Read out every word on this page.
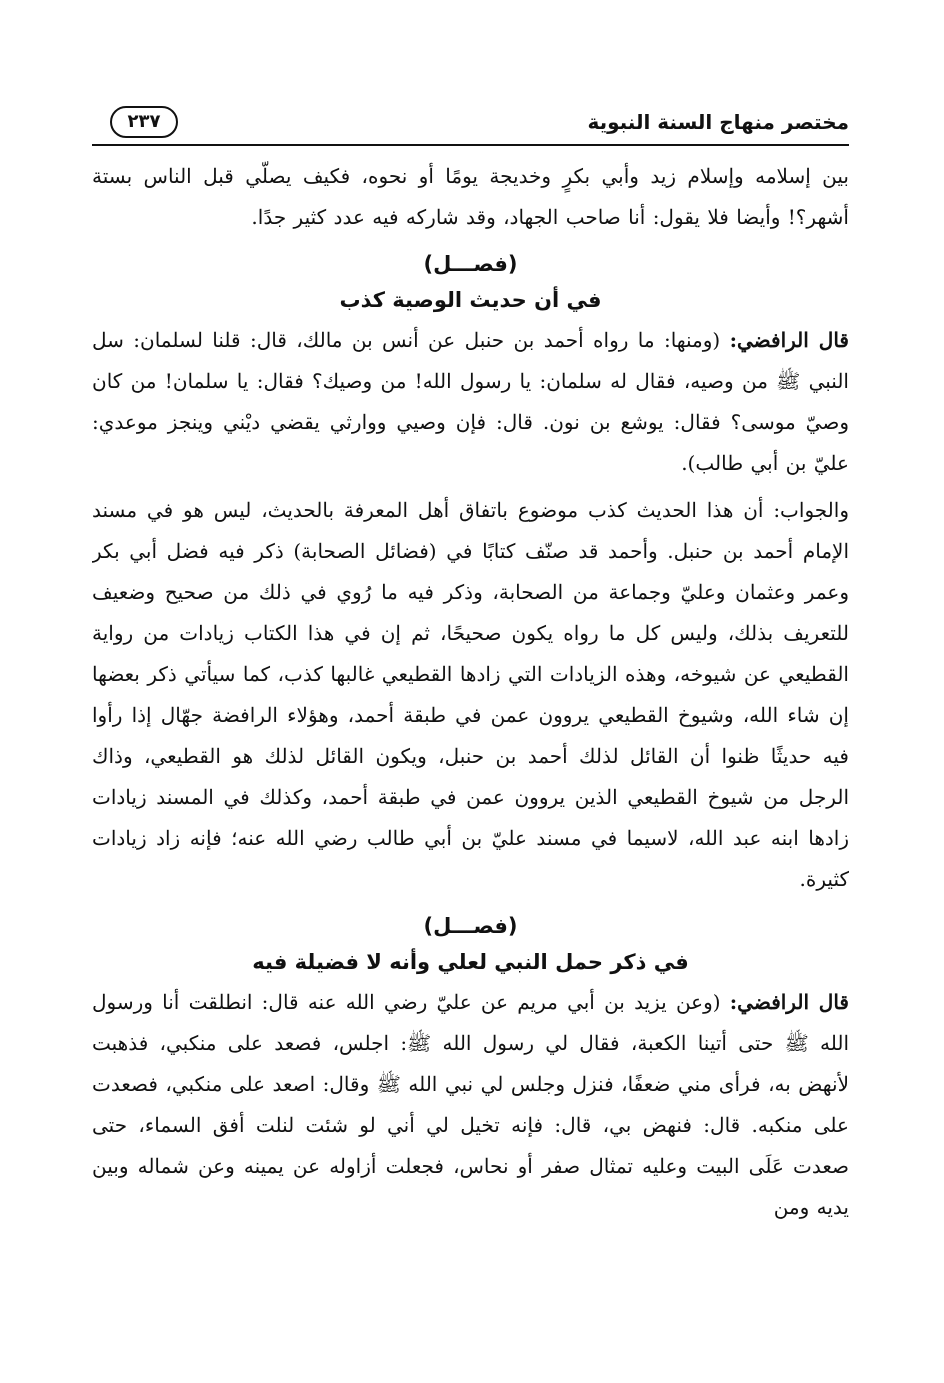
مختصر منهاج السنة النبوية
٢٣٧

بين إسلامه وإسلام زيد وأبي بكرٍ وخديجة يومًا أو نحوه، فكيف يصلّي قبل الناس بستة أشهر؟! وأيضا فلا يقول: أنا صاحب الجهاد، وقد شاركه فيه عدد كثير جدًا.

(فصـــل)
في أن حديث الوصية كذب

قال الرافضي: (ومنها: ما رواه أحمد بن حنبل عن أنس بن مالك، قال: قلنا لسلمان: سل النبي ﷺ من وصيه، فقال له سلمان: يا رسول الله! من وصيك؟ فقال: يا سلمان! من كان وصيّ موسى؟ فقال: يوشع بن نون. قال: فإن وصيي ووارثي يقضي ديْني وينجز موعدي: عليّ بن أبي طالب).

والجواب: أن هذا الحديث كذب موضوع باتفاق أهل المعرفة بالحديث، ليس هو في مسند الإمام أحمد بن حنبل. وأحمد قد صنّف كتابًا في (فضائل الصحابة) ذكر فيه فضل أبي بكر وعمر وعثمان وعليّ وجماعة من الصحابة، وذكر فيه ما رُوي في ذلك من صحيح وضعيف للتعريف بذلك، وليس كل ما رواه يكون صحيحًا، ثم إن في هذا الكتاب زيادات من رواية القطيعي عن شيوخه، وهذه الزيادات التي زادها القطيعي غالبها كذب، كما سيأتي ذكر بعضها إن شاء الله، وشيوخ القطيعي يروون عمن في طبقة أحمد، وهؤلاء الرافضة جهّال إذا رأوا فيه حديثًا ظنوا أن القائل لذلك أحمد بن حنبل، ويكون القائل لذلك هو القطيعي، وذاك الرجل من شيوخ القطيعي الذين يروون عمن في طبقة أحمد، وكذلك في المسند زيادات زادها ابنه عبد الله، لاسيما في مسند عليّ بن أبي طالب رضي الله عنه؛ فإنه زاد زيادات كثيرة.

(فصـــل)
في ذكر حمل النبي لعلي وأنه لا فضيلة فيه

قال الرافضي: (وعن يزيد بن أبي مريم عن عليّ رضي الله عنه قال: انطلقت أنا ورسول الله ﷺ حتى أتينا الكعبة، فقال لي رسول الله ﷺ: اجلس، فصعد على منكبي، فذهبت لأنهض به، فرأى مني ضعفًا، فنزل وجلس لي نبي الله ﷺ وقال: اصعد على منكبي، فصعدت على منكبه. قال: فنهض بي، قال: فإنه تخيل لي أني لو شئت لنلت أفق السماء، حتى صعدت عَلَى البيت وعليه تمثال صفر أو نحاس، فجعلت أزاوله عن يمينه وعن شماله وبين يديه ومن
